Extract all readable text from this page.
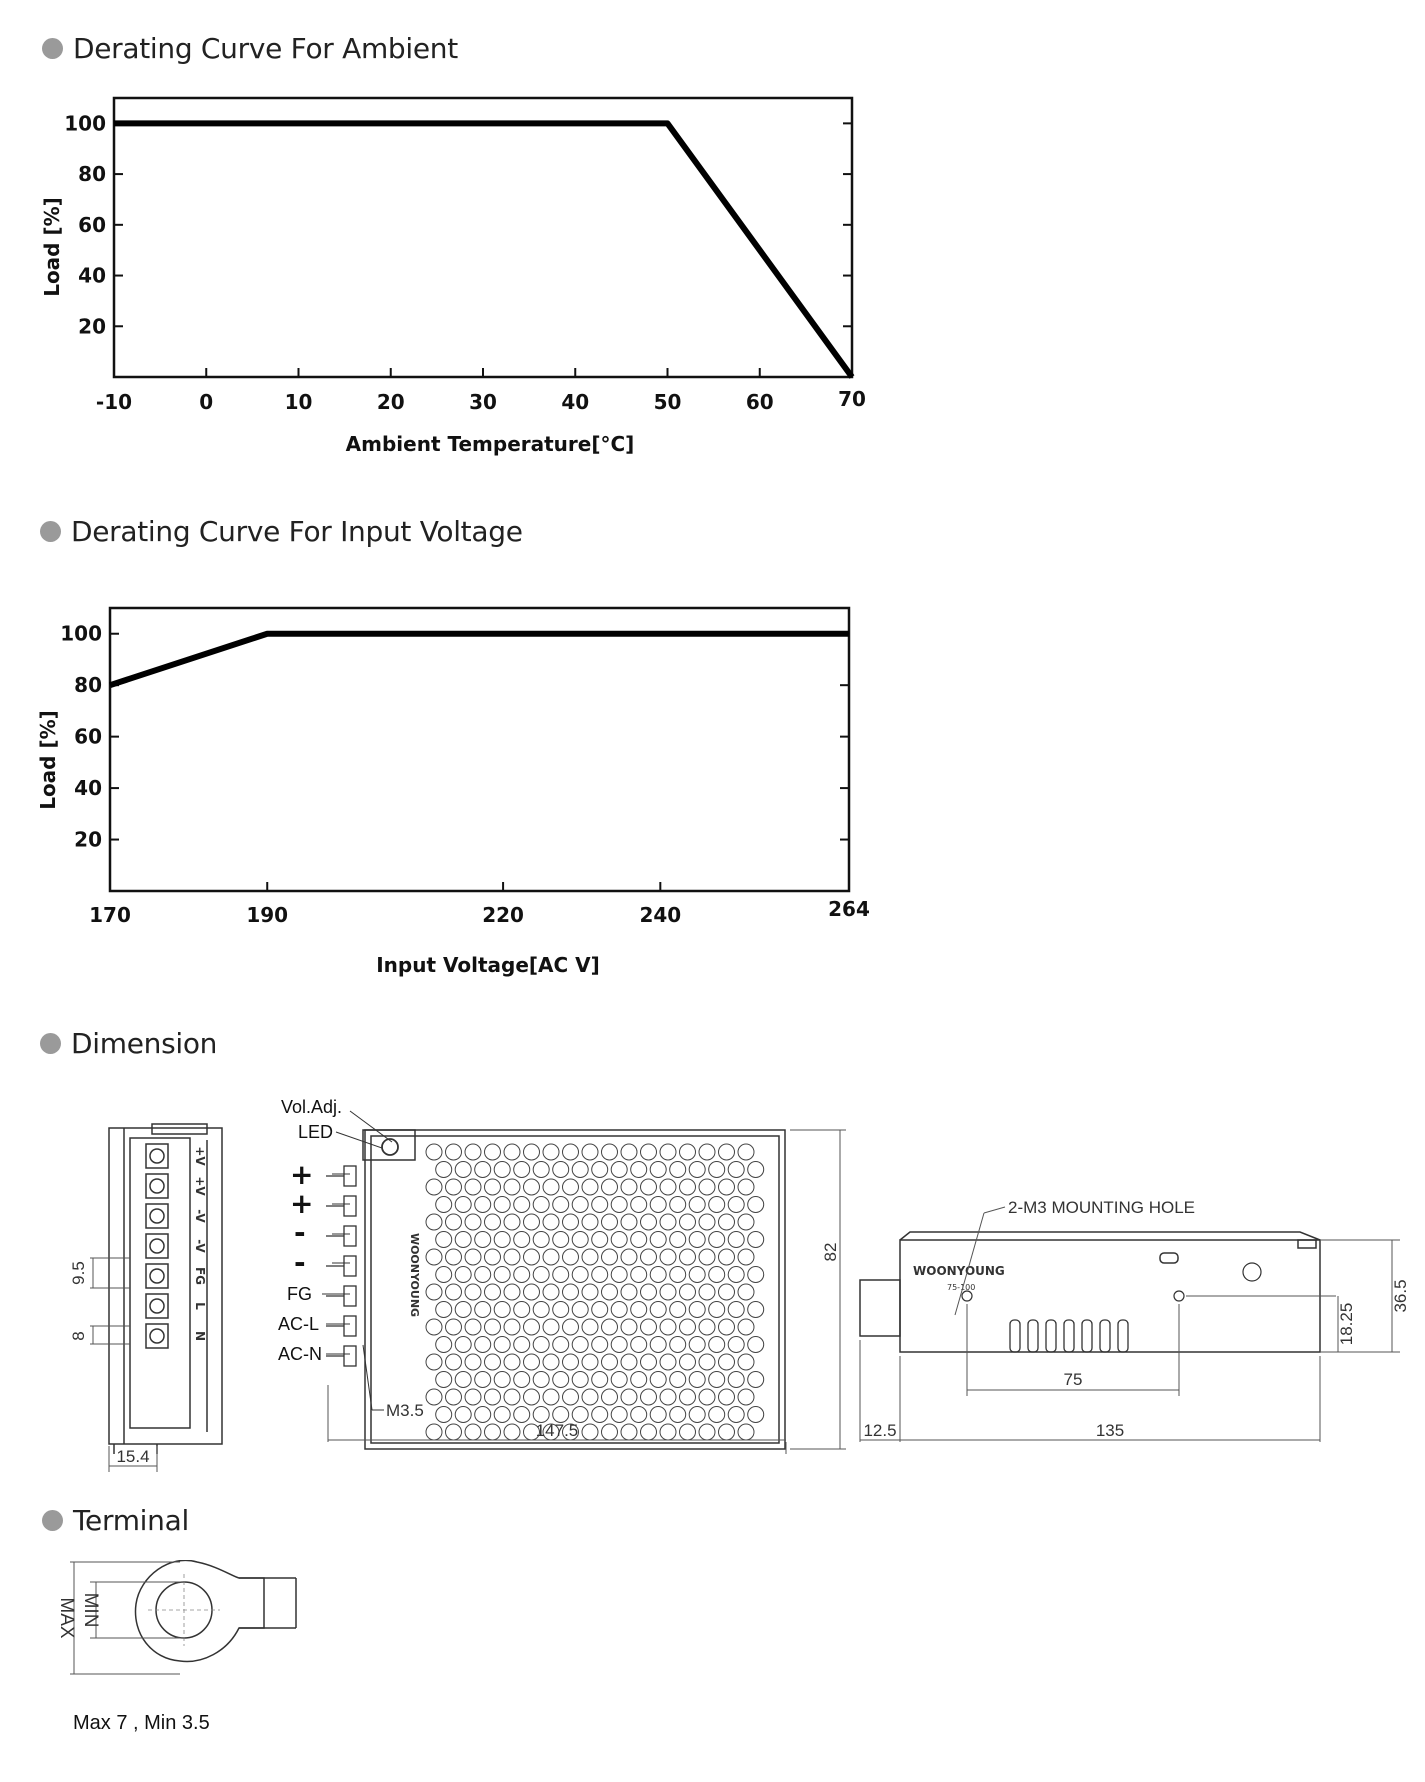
Derating Curve For Ambient
Derating Curve For Input Voltage
Dimension
Terminal
-10	0	10	20	30	40	50	60	70
20
40
60
80
100
Ambient Temperature[°C]
Load [%]
170	190	220	240	264
20
40
60
80
100
Input Voltage[AC V]
Load [%]
+V
+V
-V
-V
FG
L
N
9.5
8
15.4
WOONYOUNG
Vol.Adj.
LED
+
+
-
-
FG
AC-L
AC-N
M3.5
147.5
82
WOONYOUNG
75-100
2-M3 MOUNTING HOLE
75
18.25
36.5
12.5	135
MAX MIN
Max 7 , Min 3.5
